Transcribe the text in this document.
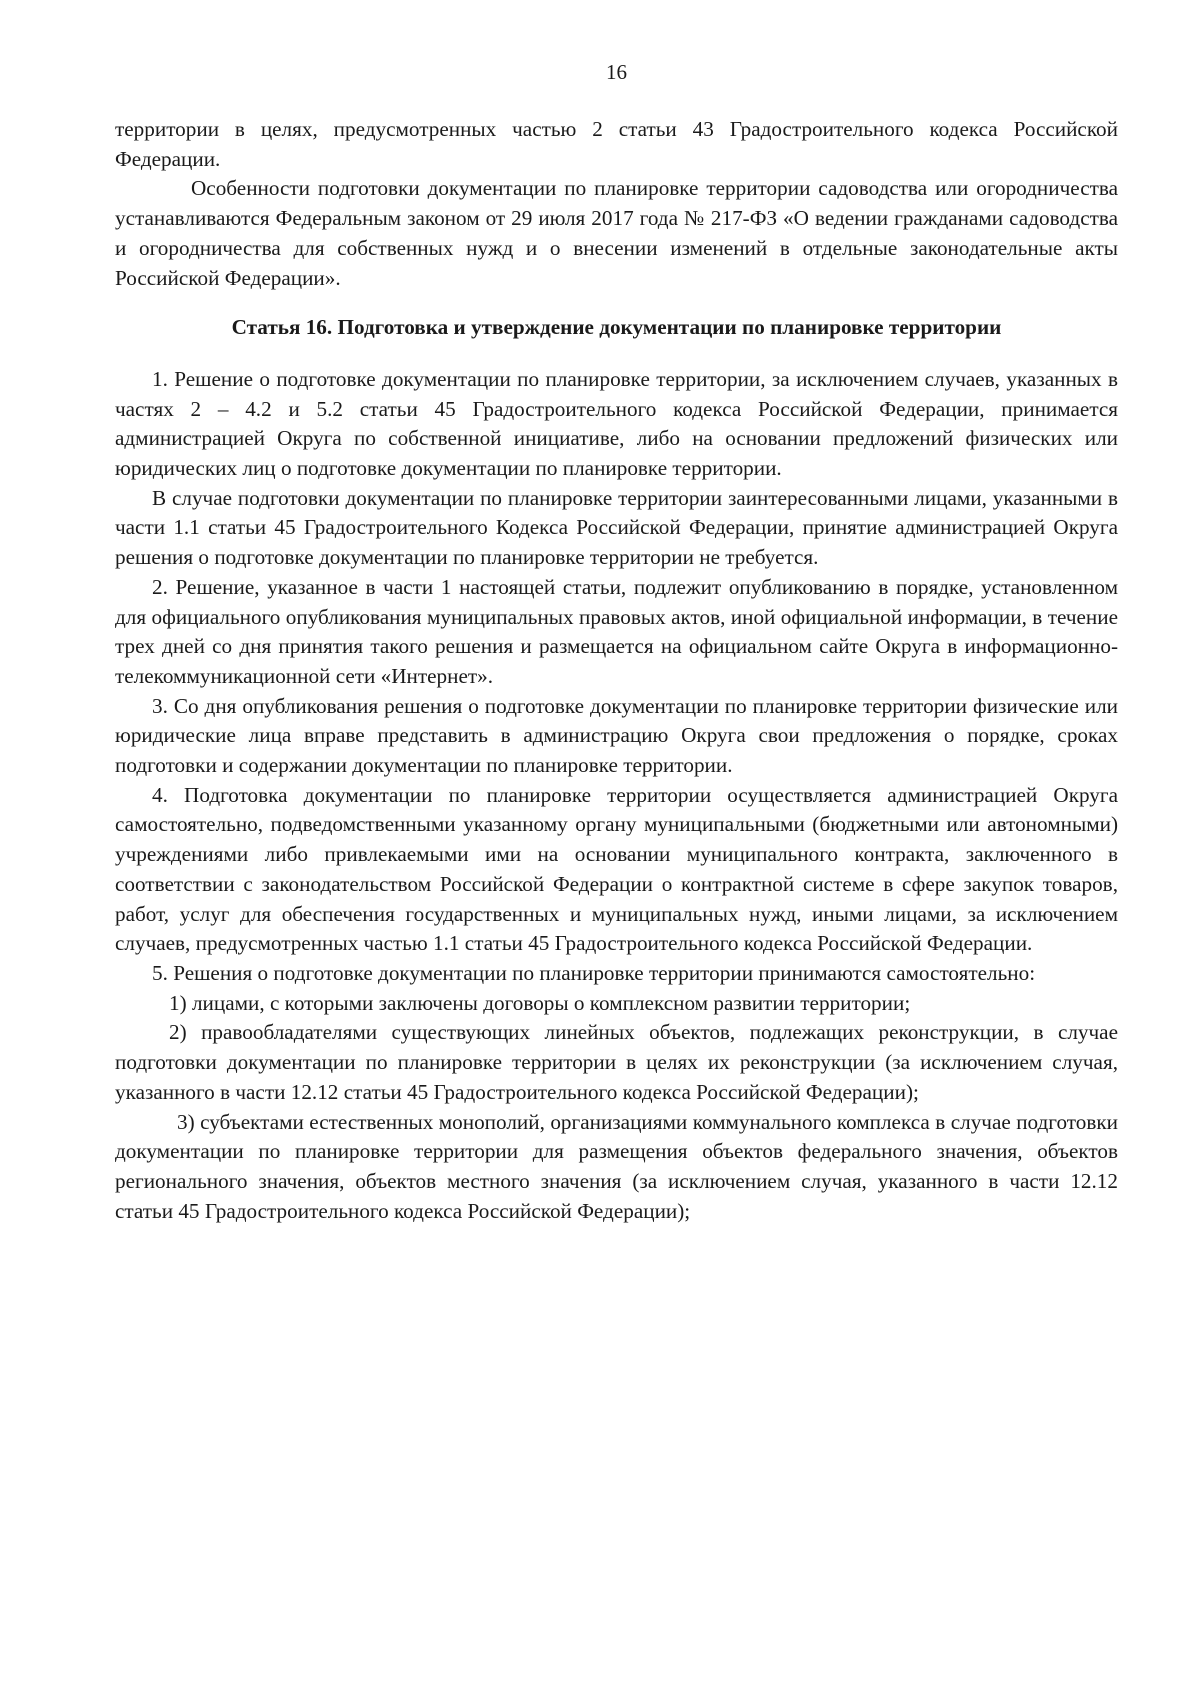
16

территории в целях, предусмотренных частью 2 статьи 43 Градостроительного кодекса Российской Федерации.

Особенности подготовки документации по планировке территории садоводства или огородничества устанавливаются Федеральным законом от 29 июля 2017 года № 217-ФЗ «О ведении гражданами садоводства и огородничества для собственных нужд и о внесении изменений в отдельные законодательные акты Российской Федерации».

Статья 16. Подготовка и утверждение документации по планировке территории

1. Решение о подготовке документации по планировке территории, за исключением случаев, указанных в частях 2 – 4.2 и 5.2 статьи 45 Градостроительного кодекса Российской Федерации, принимается администрацией Округа по собственной инициативе, либо на основании предложений физических или юридических лиц о подготовке документации по планировке территории.

В случае подготовки документации по планировке территории заинтересованными лицами, указанными в части 1.1 статьи 45 Градостроительного Кодекса Российской Федерации, принятие администрацией Округа решения о подготовке документации по планировке территории не требуется.

2. Решение, указанное в части 1 настоящей статьи, подлежит опубликованию в порядке, установленном для официального опубликования муниципальных правовых актов, иной официальной информации, в течение трех дней со дня принятия такого решения и размещается на официальном сайте Округа в информационно-телекоммуникационной сети «Интернет».

3. Со дня опубликования решения о подготовке документации по планировке территории физические или юридические лица вправе представить в администрацию Округа свои предложения о порядке, сроках подготовки и содержании документации по планировке территории.

4. Подготовка документации по планировке территории осуществляется администрацией Округа самостоятельно, подведомственными указанному органу муниципальными (бюджетными или автономными) учреждениями либо привлекаемыми ими на основании муниципального контракта, заключенного в соответствии с законодательством Российской Федерации о контрактной системе в сфере закупок товаров, работ, услуг для обеспечения государственных и муниципальных нужд, иными лицами, за исключением случаев, предусмотренных частью 1.1 статьи 45 Градостроительного кодекса Российской Федерации.

5. Решения о подготовке документации по планировке территории принимаются самостоятельно:

1) лицами, с которыми заключены договоры о комплексном развитии территории;

2) правообладателями существующих линейных объектов, подлежащих реконструкции, в случае подготовки документации по планировке территории в целях их реконструкции (за исключением случая, указанного в части 12.12 статьи 45 Градостроительного кодекса Российской Федерации);

3) субъектами естественных монополий, организациями коммунального комплекса в случае подготовки документации по планировке территории для размещения объектов федерального значения, объектов регионального значения, объектов местного значения (за исключением случая, указанного в части 12.12 статьи 45 Градостроительного кодекса Российской Федерации);
